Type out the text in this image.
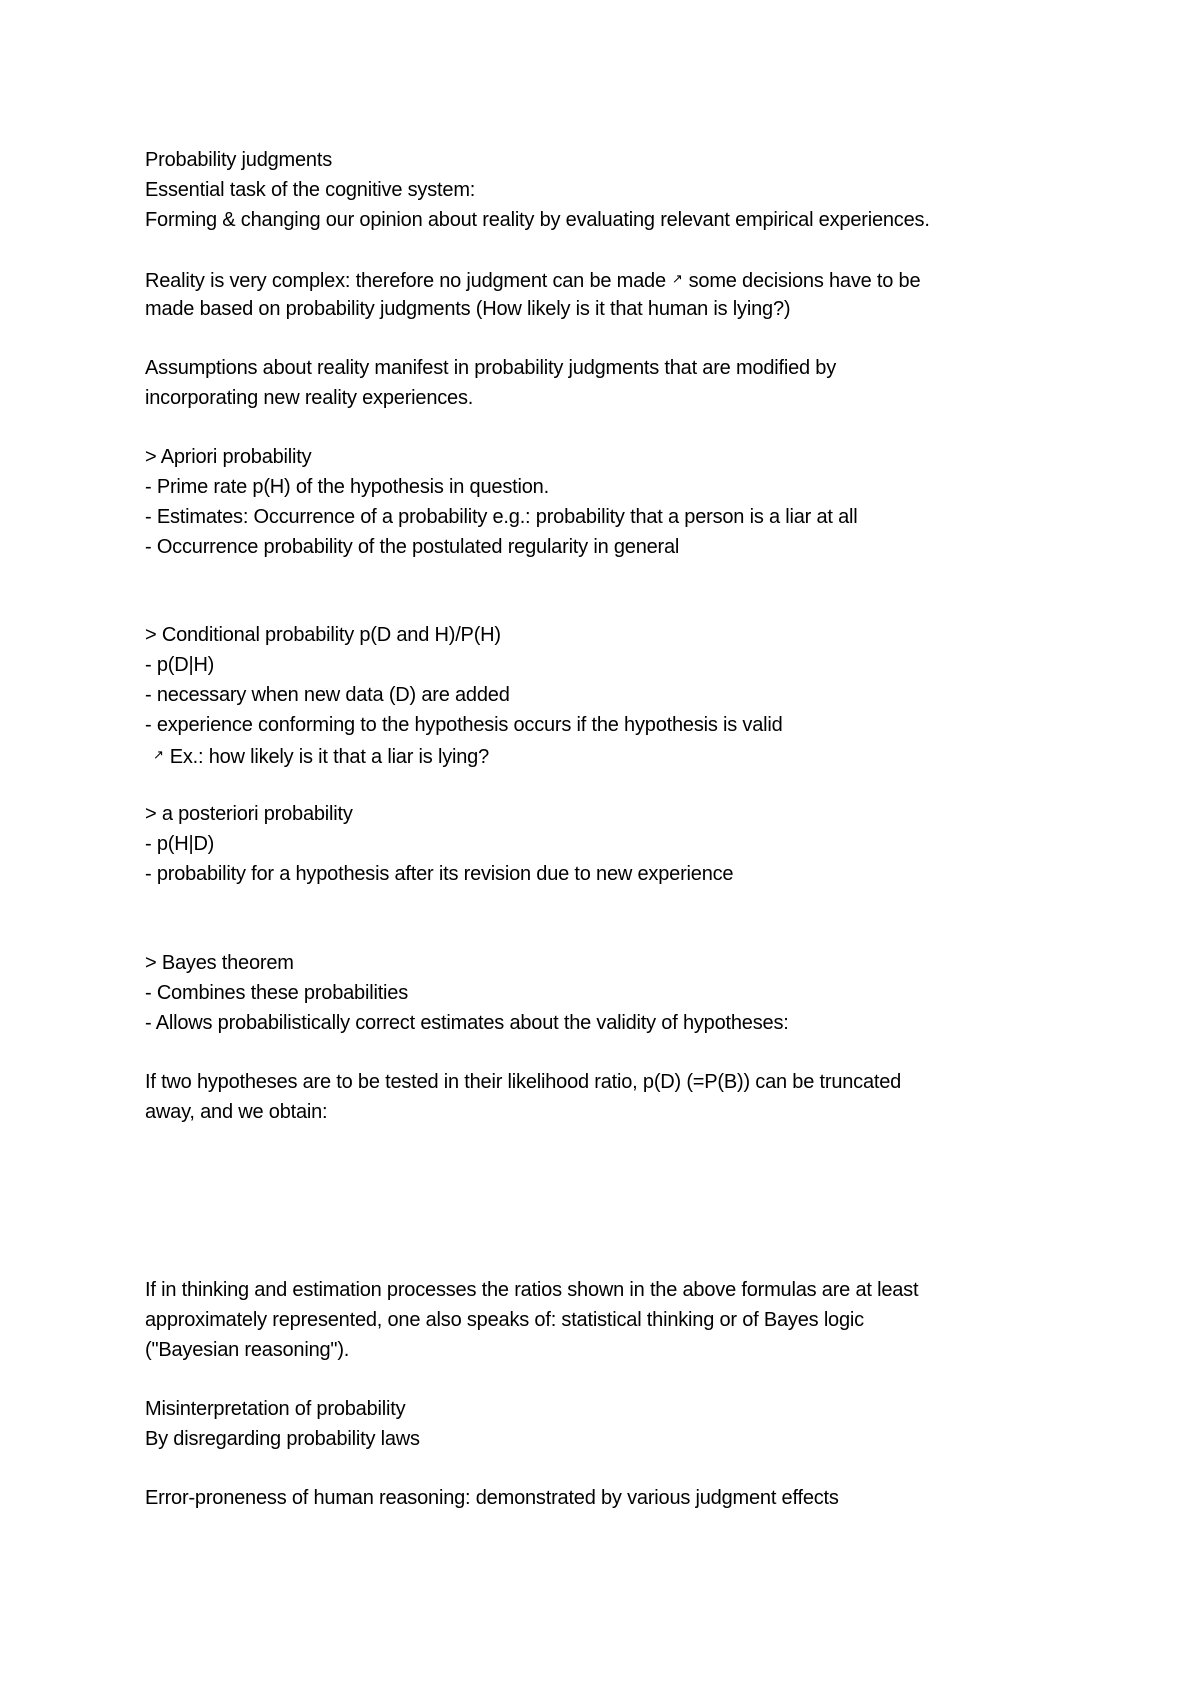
Probability judgments
Essential task of the cognitive system:
Forming & changing our opinion about reality by evaluating relevant empirical experiences.
Reality is very complex: therefore no judgment can be made ↗ some decisions have to be
made based on probability judgments (How likely is it that human is lying?)
Assumptions about reality manifest in probability judgments that are modified by
incorporating new reality experiences.
> Apriori probability
- Prime rate p(H) of the hypothesis in question.
- Estimates: Occurrence of a probability e.g.: probability that a person is a liar at all
- Occurrence probability of the postulated regularity in general
> Conditional probability p(D and H)/P(H)
- p(D|H)
- necessary when new data (D) are added
- experience conforming to the hypothesis occurs if the hypothesis is valid
↗ Ex.: how likely is it that a liar is lying?
> a posteriori probability
- p(H|D)
- probability for a hypothesis after its revision due to new experience
> Bayes theorem
- Combines these probabilities
- Allows probabilistically correct estimates about the validity of hypotheses:
If two hypotheses are to be tested in their likelihood ratio, p(D) (=P(B)) can be truncated
away, and we obtain:
If in thinking and estimation processes the ratios shown in the above formulas are at least
approximately represented, one also speaks of: statistical thinking or of Bayes logic
("Bayesian reasoning").
Misinterpretation of probability
By disregarding probability laws
Error-proneness of human reasoning: demonstrated by various judgment effects
